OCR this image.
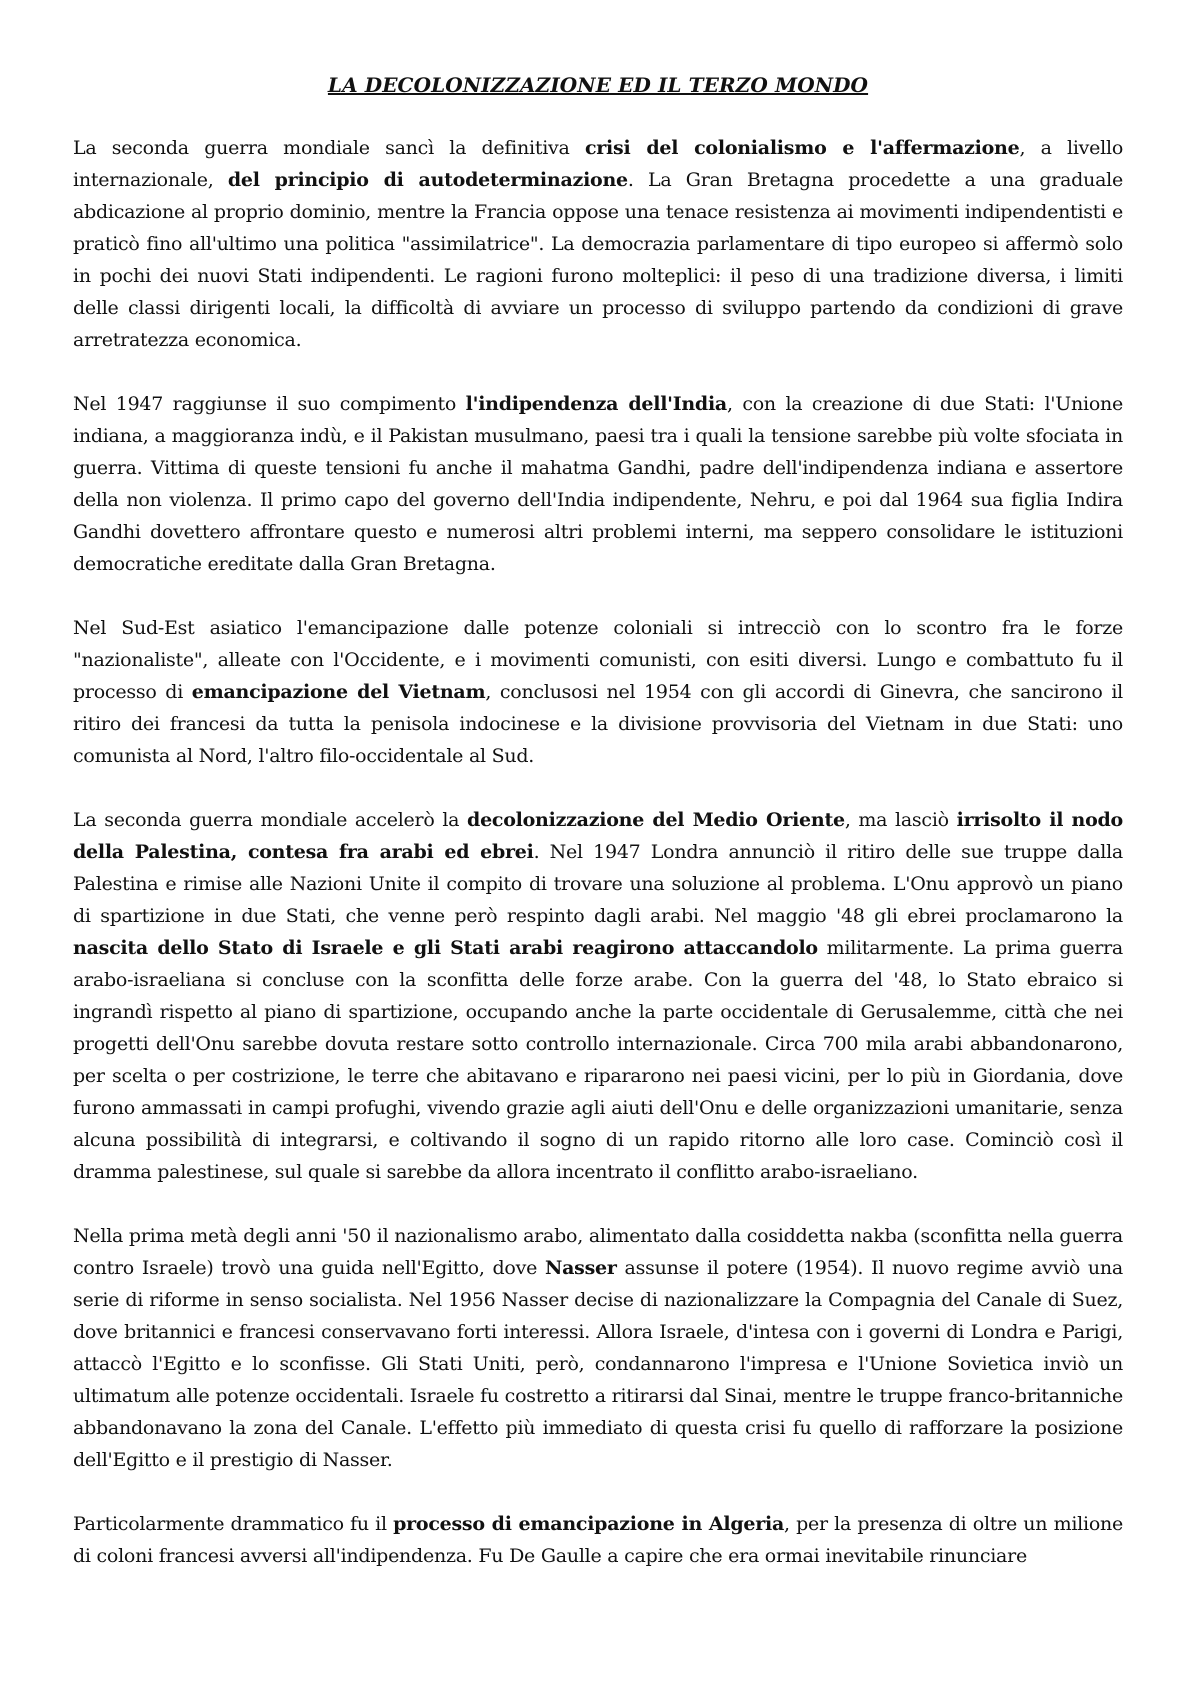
LA DECOLONIZZAZIONE ED IL TERZO MONDO

La seconda guerra mondiale sancì la definitiva crisi del colonialismo e l'affermazione, a livello internazionale, del principio di autodeterminazione. La Gran Bretagna procedette a una graduale abdicazione al proprio dominio, mentre la Francia oppose una tenace resistenza ai movimenti indipendentisti e praticò fino all'ultimo una politica "assimilatrice". La democrazia parlamentare di tipo europeo si affermò solo in pochi dei nuovi Stati indipendenti. Le ragioni furono molteplici: il peso di una tradizione diversa, i limiti delle classi dirigenti locali, la difficoltà di avviare un processo di sviluppo partendo da condizioni di grave arretratezza economica.

Nel 1947 raggiunse il suo compimento l'indipendenza dell'India, con la creazione di due Stati: l'Unione indiana, a maggioranza indù, e il Pakistan musulmano, paesi tra i quali la tensione sarebbe più volte sfociata in guerra. Vittima di queste tensioni fu anche il mahatma Gandhi, padre dell'indipendenza indiana e assertore della non violenza. Il primo capo del governo dell'India indipendente, Nehru, e poi dal 1964 sua figlia Indira Gandhi dovettero affrontare questo e numerosi altri problemi interni, ma seppero consolidare le istituzioni democratiche ereditate dalla Gran Bretagna.

Nel Sud-Est asiatico l'emancipazione dalle potenze coloniali si intrecciò con lo scontro fra le forze "nazionaliste", alleate con l'Occidente, e i movimenti comunisti, con esiti diversi. Lungo e combattuto fu il processo di emancipazione del Vietnam, conclusosi nel 1954 con gli accordi di Ginevra, che sancirono il ritiro dei francesi da tutta la penisola indocinese e la divisione provvisoria del Vietnam in due Stati: uno comunista al Nord, l'altro filo-occidentale al Sud.

La seconda guerra mondiale accelerò la decolonizzazione del Medio Oriente, ma lasciò irrisolto il nodo della Palestina, contesa fra arabi ed ebrei. Nel 1947 Londra annunciò il ritiro delle sue truppe dalla Palestina e rimise alle Nazioni Unite il compito di trovare una soluzione al problema. L'Onu approvò un piano di spartizione in due Stati, che venne però respinto dagli arabi. Nel maggio '48 gli ebrei proclamarono la nascita dello Stato di Israele e gli Stati arabi reagirono attaccandolo militarmente. La prima guerra arabo-israeliana si concluse con la sconfitta delle forze arabe. Con la guerra del '48, lo Stato ebraico si ingrandì rispetto al piano di spartizione, occupando anche la parte occidentale di Gerusalemme, città che nei progetti dell'Onu sarebbe dovuta restare sotto controllo internazionale. Circa 700 mila arabi abbandonarono, per scelta o per costrizione, le terre che abitavano e ripararono nei paesi vicini, per lo più in Giordania, dove furono ammassati in campi profughi, vivendo grazie agli aiuti dell'Onu e delle organizzazioni umanitarie, senza alcuna possibilità di integrarsi, e coltivando il sogno di un rapido ritorno alle loro case. Cominciò così il dramma palestinese, sul quale si sarebbe da allora incentrato il conflitto arabo-israeliano.

Nella prima metà degli anni '50 il nazionalismo arabo, alimentato dalla cosiddetta nakba (sconfitta nella guerra contro Israele) trovò una guida nell'Egitto, dove Nasser assunse il potere (1954). Il nuovo regime avviò una serie di riforme in senso socialista. Nel 1956 Nasser decise di nazionalizzare la Compagnia del Canale di Suez, dove britannici e francesi conservavano forti interessi. Allora Israele, d'intesa con i governi di Londra e Parigi, attaccò l'Egitto e lo sconfisse. Gli Stati Uniti, però, condannarono l'impresa e l'Unione Sovietica inviò un ultimatum alle potenze occidentali. Israele fu costretto a ritirarsi dal Sinai, mentre le truppe franco-britanniche abbandonavano la zona del Canale. L'effetto più immediato di questa crisi fu quello di rafforzare la posizione dell'Egitto e il prestigio di Nasser.

Particolarmente drammatico fu il processo di emancipazione in Algeria, per la presenza di oltre un milione di coloni francesi avversi all'indipendenza. Fu De Gaulle a capire che era ormai inevitabile rinunciare
